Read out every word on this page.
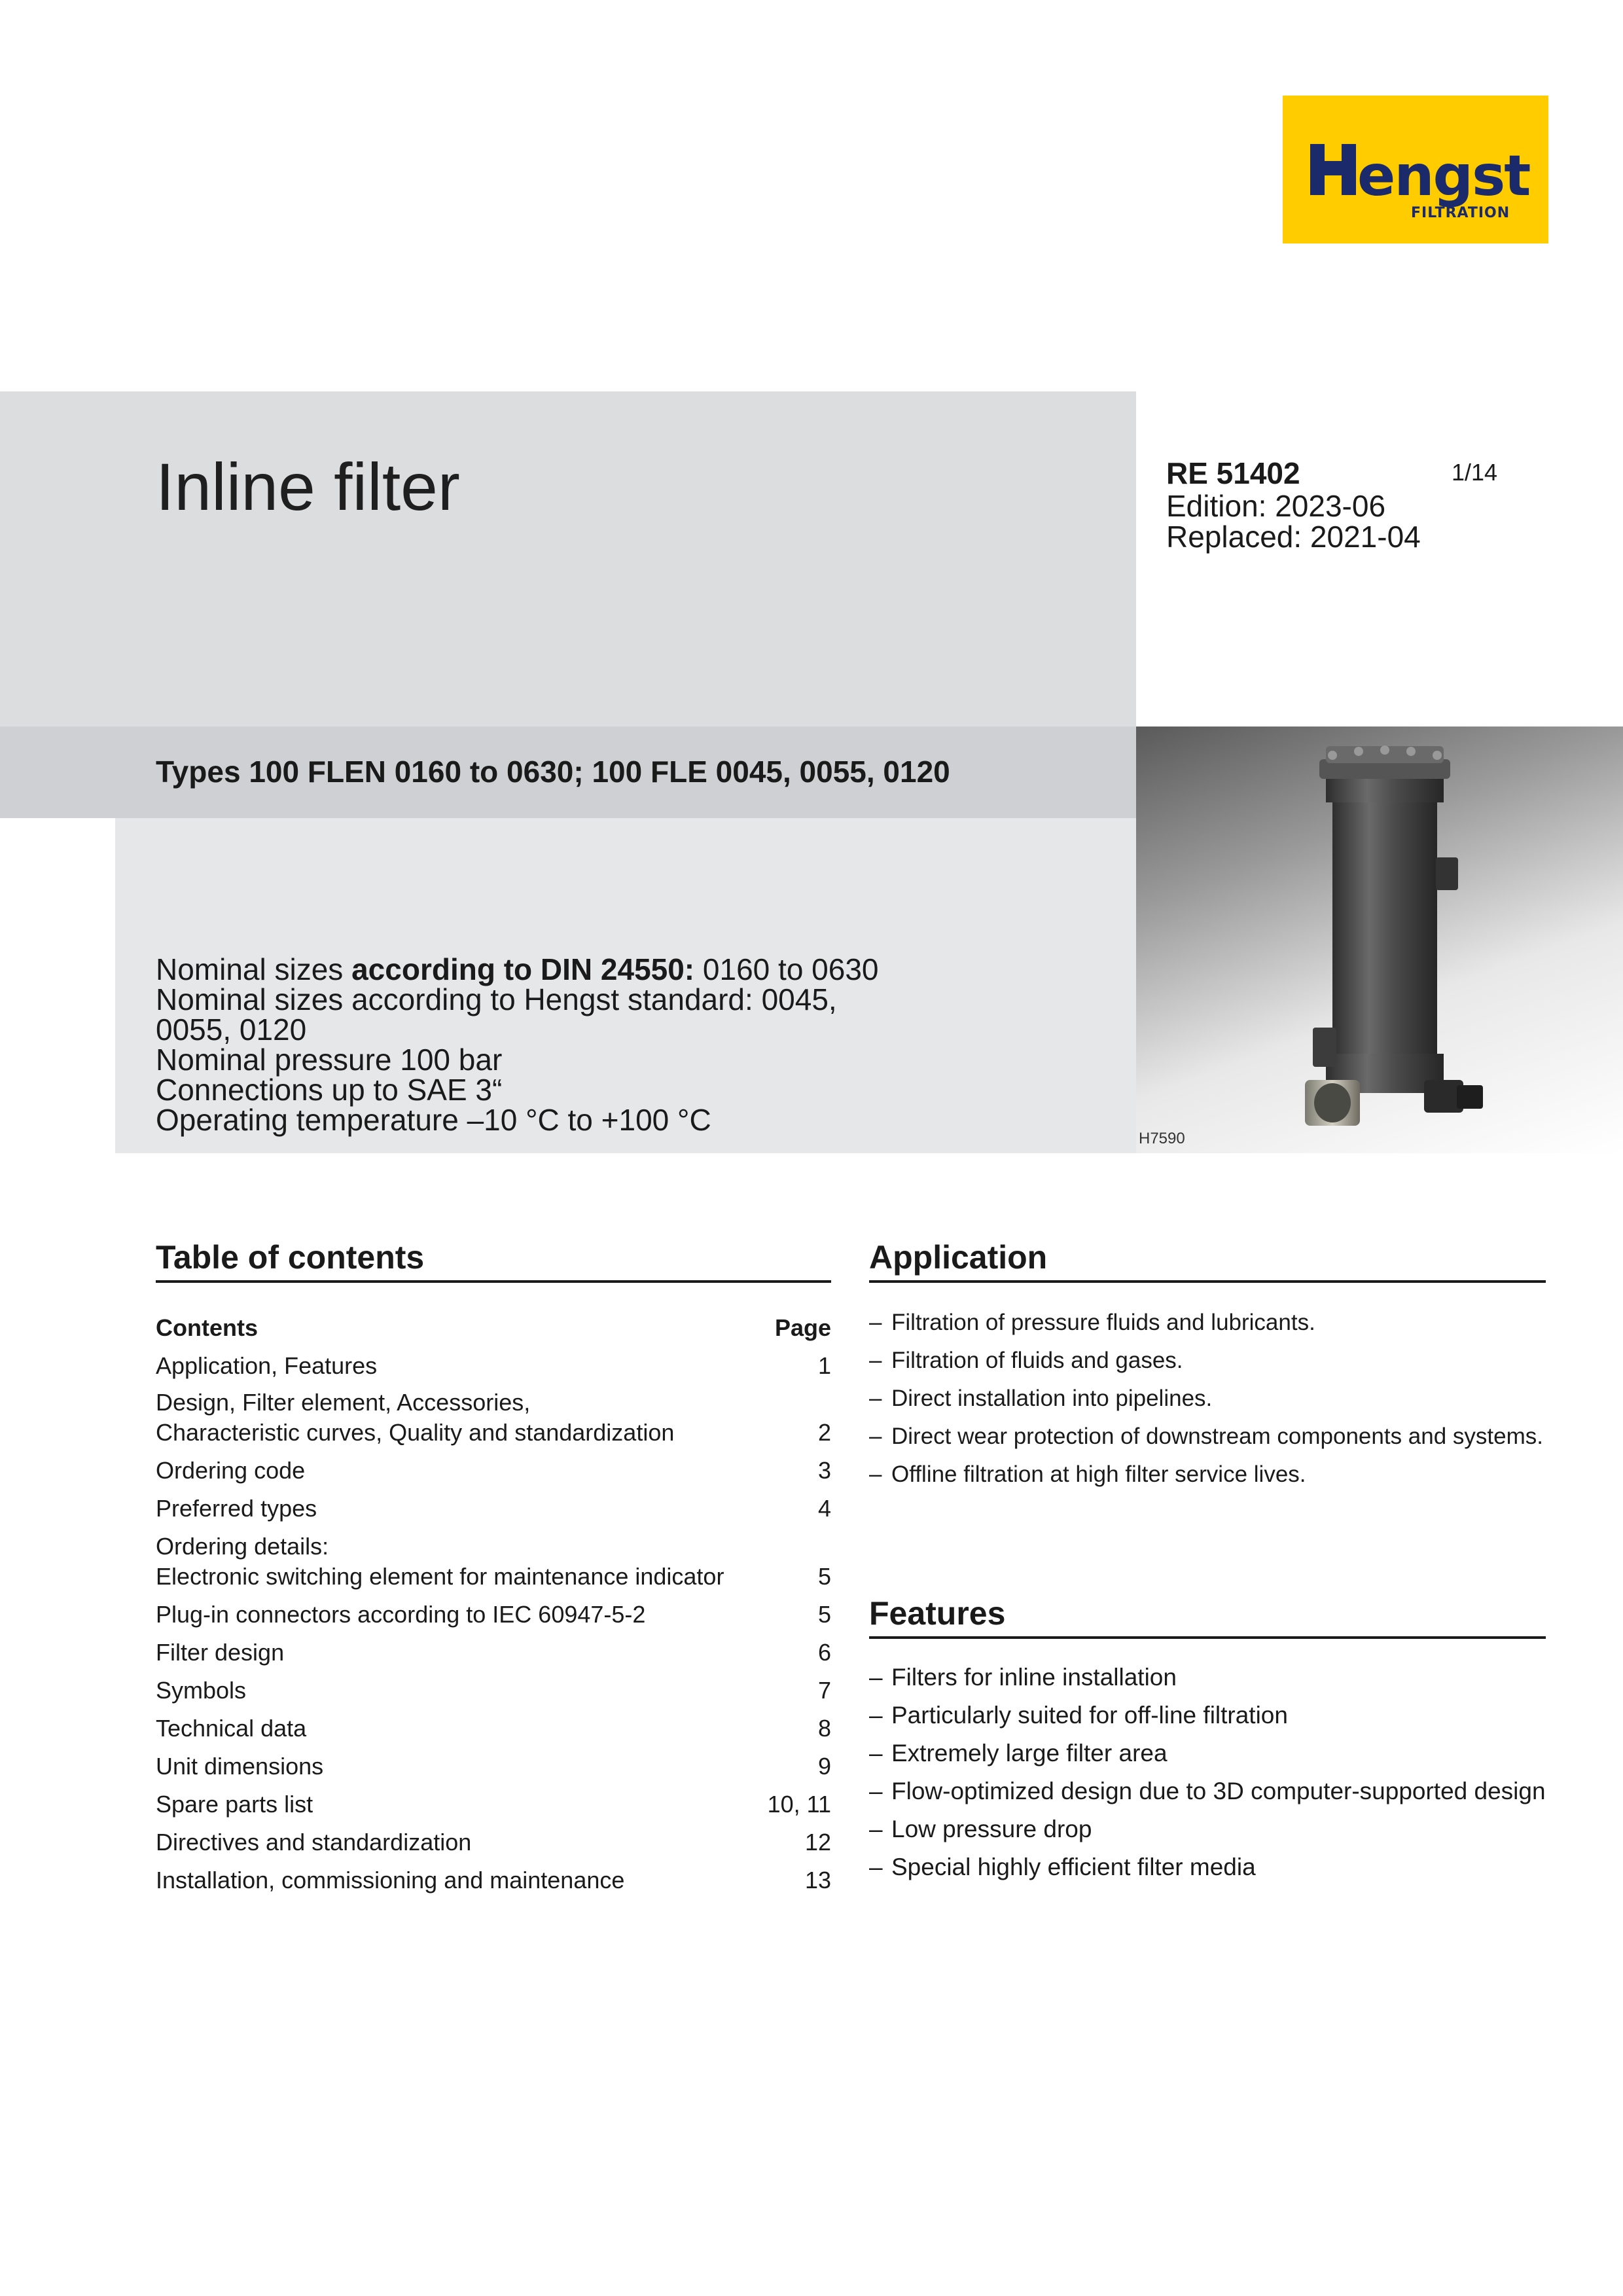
engst
FILTRATION
Inline filter	RE 51402
Edition: 2023-06
Replaced: 2021-04
1/14
Types 100 FLEN 0160 to 0630; 100 FLE 0045, 0055, 0120
Nominal sizes according to DIN 24550: 0160 to 0630
Nominal sizes according to Hengst standard: 0045,
0055, 0120
Nominal pressure 100 bar
Connections up to SAE 3“
Operating temperature –10 °C to +100 °C
H7590
Table of contents
Contents	Page
Application, Features	1
Design, Filter element, Accessories,
Characteristic curves, Quality and standardization	2
Ordering code	3
Preferred types	4
Ordering details:
Electronic switching element for maintenance indicator	5
Plug-in connectors according to IEC 60947-5-2	5
Filter design	6
Symbols	7
Technical data	8
Unit dimensions	9
Spare parts list	10, 11
Directives and standardization	12
Installation, commissioning and maintenance	13
Application
– Filtration of pressure fluids and lubricants.
– Filtration of fluids and gases.
– Direct installation into pipelines.
– Direct wear protection of downstream components and systems.
– Offline filtration at high filter service lives.
Features
– Filters for inline installation
– Particularly suited for off-line filtration
– Extremely large filter area
– Flow-optimized design due to 3D computer-supported design
– Low pressure drop
– Special highly efficient filter media
